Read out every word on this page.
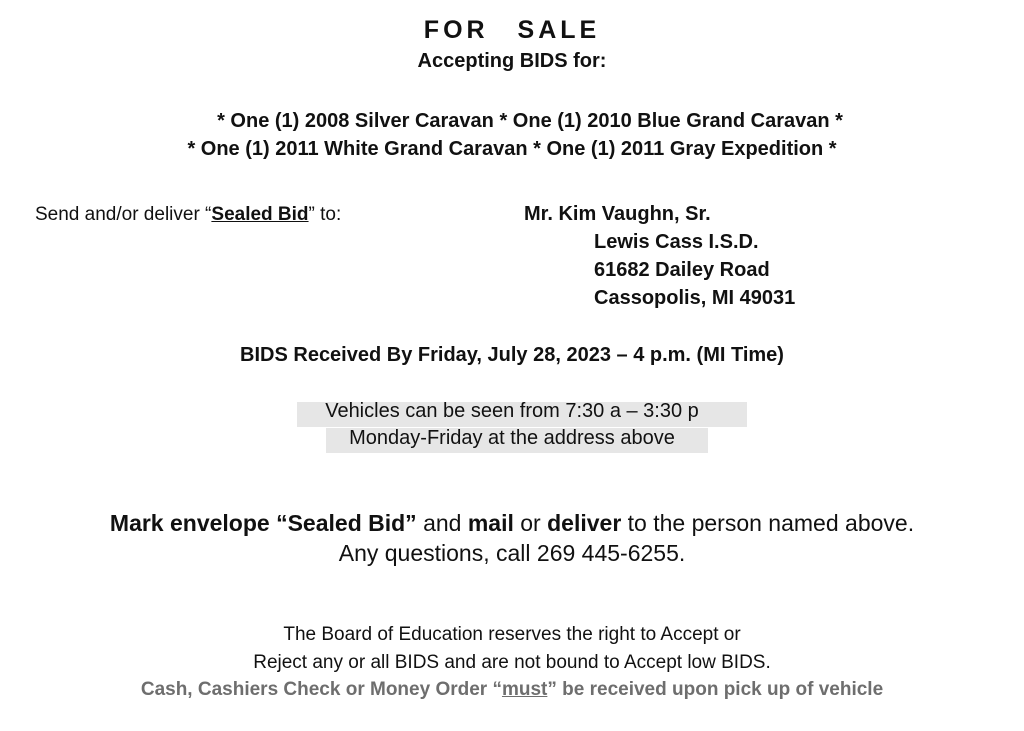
FOR SALE
Accepting BIDS for:
* One (1) 2008 Silver Caravan * One (1) 2010 Blue Grand Caravan *
* One (1) 2011 White Grand Caravan * One (1) 2011 Gray Expedition *
Send and/or deliver “Sealed Bid” to:	Mr. Kim Vaughn, Sr.
Lewis Cass I.S.D.
61682 Dailey Road
Cassopolis, MI 49031
BIDS Received By Friday, July 28, 2023 – 4 p.m. (MI Time)
Vehicles can be seen from 7:30 a – 3:30 p
Monday-Friday at the address above
Mark envelope “Sealed Bid” and mail or deliver to the person named above.
Any questions, call 269 445-6255.
The Board of Education reserves the right to Accept or
Reject any or all BIDS and are not bound to Accept low BIDS.
Cash, Cashiers Check or Money Order “must” be received upon pick up of vehicle
